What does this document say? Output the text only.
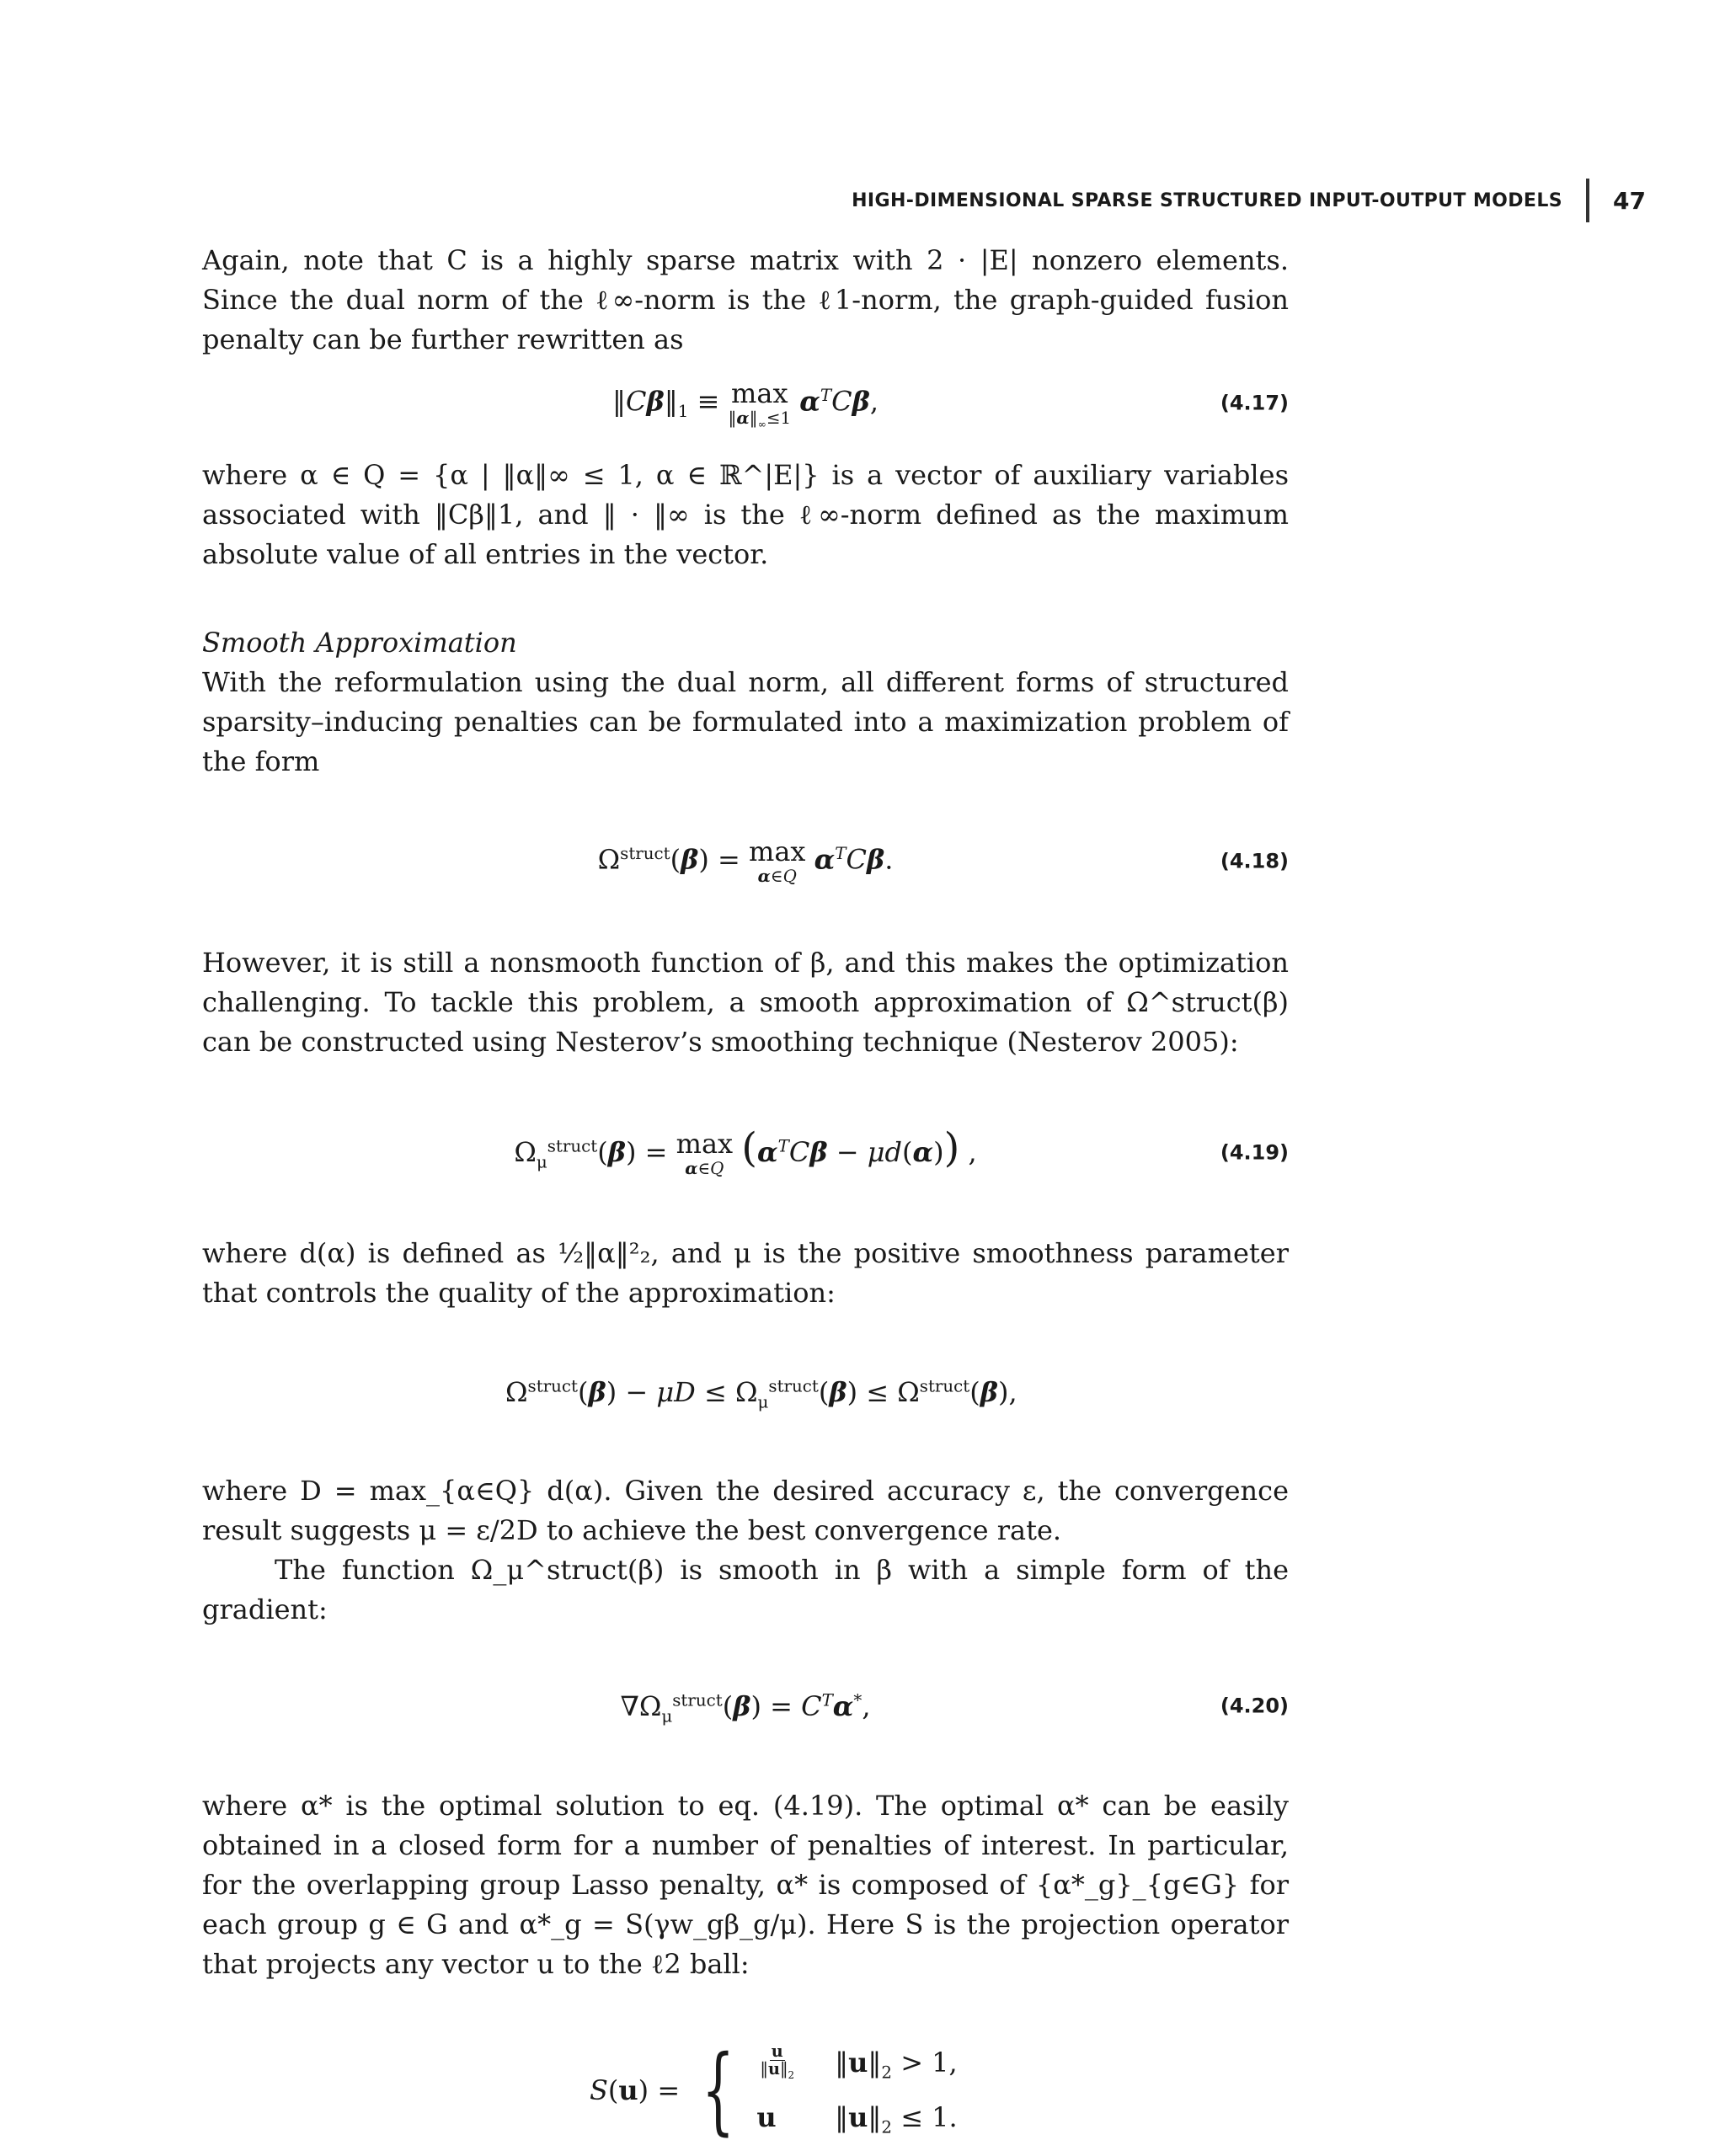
HIGH-DIMENSIONAL SPARSE STRUCTURED INPUT-OUTPUT MODELS 47

Again, note that C is a highly sparse matrix with 2 · |E| nonzero elements. Since the dual norm of the ℓ∞-norm is the ℓ1-norm, the graph-guided fusion penalty can be further rewritten as

$‖C\beta‖_1 \equiv \max$
$‖\alpha‖_\infty\le 1$
$\alpha^TC\beta$,	(4.17)

where α ∈ Q = {α | ‖α‖∞ ≤ 1, α ∈ ℝ^|E|} is a vector of auxiliary variables associated with ‖Cβ‖1, and ‖ · ‖∞ is the ℓ∞-norm defined as the maximum absolute value of all entries in the vector.

Smooth Approximation

With the reformulation using the dual norm, all different forms of structured sparsity–inducing penalties can be formulated into a maximization problem of the form

$\Omega^{struct}(\beta) = \max$
α∈Q
$\alpha^TC\beta$.	(4.18)

However, it is still a nonsmooth function of β, and this makes the optimization challenging. To tackle this problem, a smooth approximation of Ω^struct(β) can be constructed using Nesterov’s smoothing technique (Nesterov 2005):

$\Omega_\mu^{struct}(\beta) = \max$
α∈Q $(\alpha^TC\beta - \mu d(\alpha))$ ,	(4.19)

where d(α) is defined as ½‖α‖²₂, and μ is the positive smoothness parameter that controls the quality of the approximation:

$\Omega^{struct}(\beta) - \mu D \le \Omega_\mu^{struct}(\beta) \le \Omega^{struct}(\beta)$,

where D = max_{α∈Q} d(α). Given the desired accuracy ε, the convergence result suggests μ = ε/2D to achieve the best convergence rate.

The function Ω_μ^struct(β) is smooth in β with a simple form of the gradient:

$\nabla\Omega_\mu^{struct}(\beta) = C^T\alpha^*$,	(4.20)

where α* is the optimal solution to eq. (4.19). The optimal α* can be easily obtained in a closed form for a number of penalties of interest. In particular, for the overlapping group Lasso penalty, α* is composed of {α*_g}_{g∈G} for each group g ∈ G and α*_g = S(γw_gβ_g/μ). Here S is the projection operator that projects any vector u to the ℓ2 ball:

S(u) = { $\frac{u}{‖u‖_2}$ $‖u‖_2 > 1$,
u	$‖u‖_2 \le 1$.
